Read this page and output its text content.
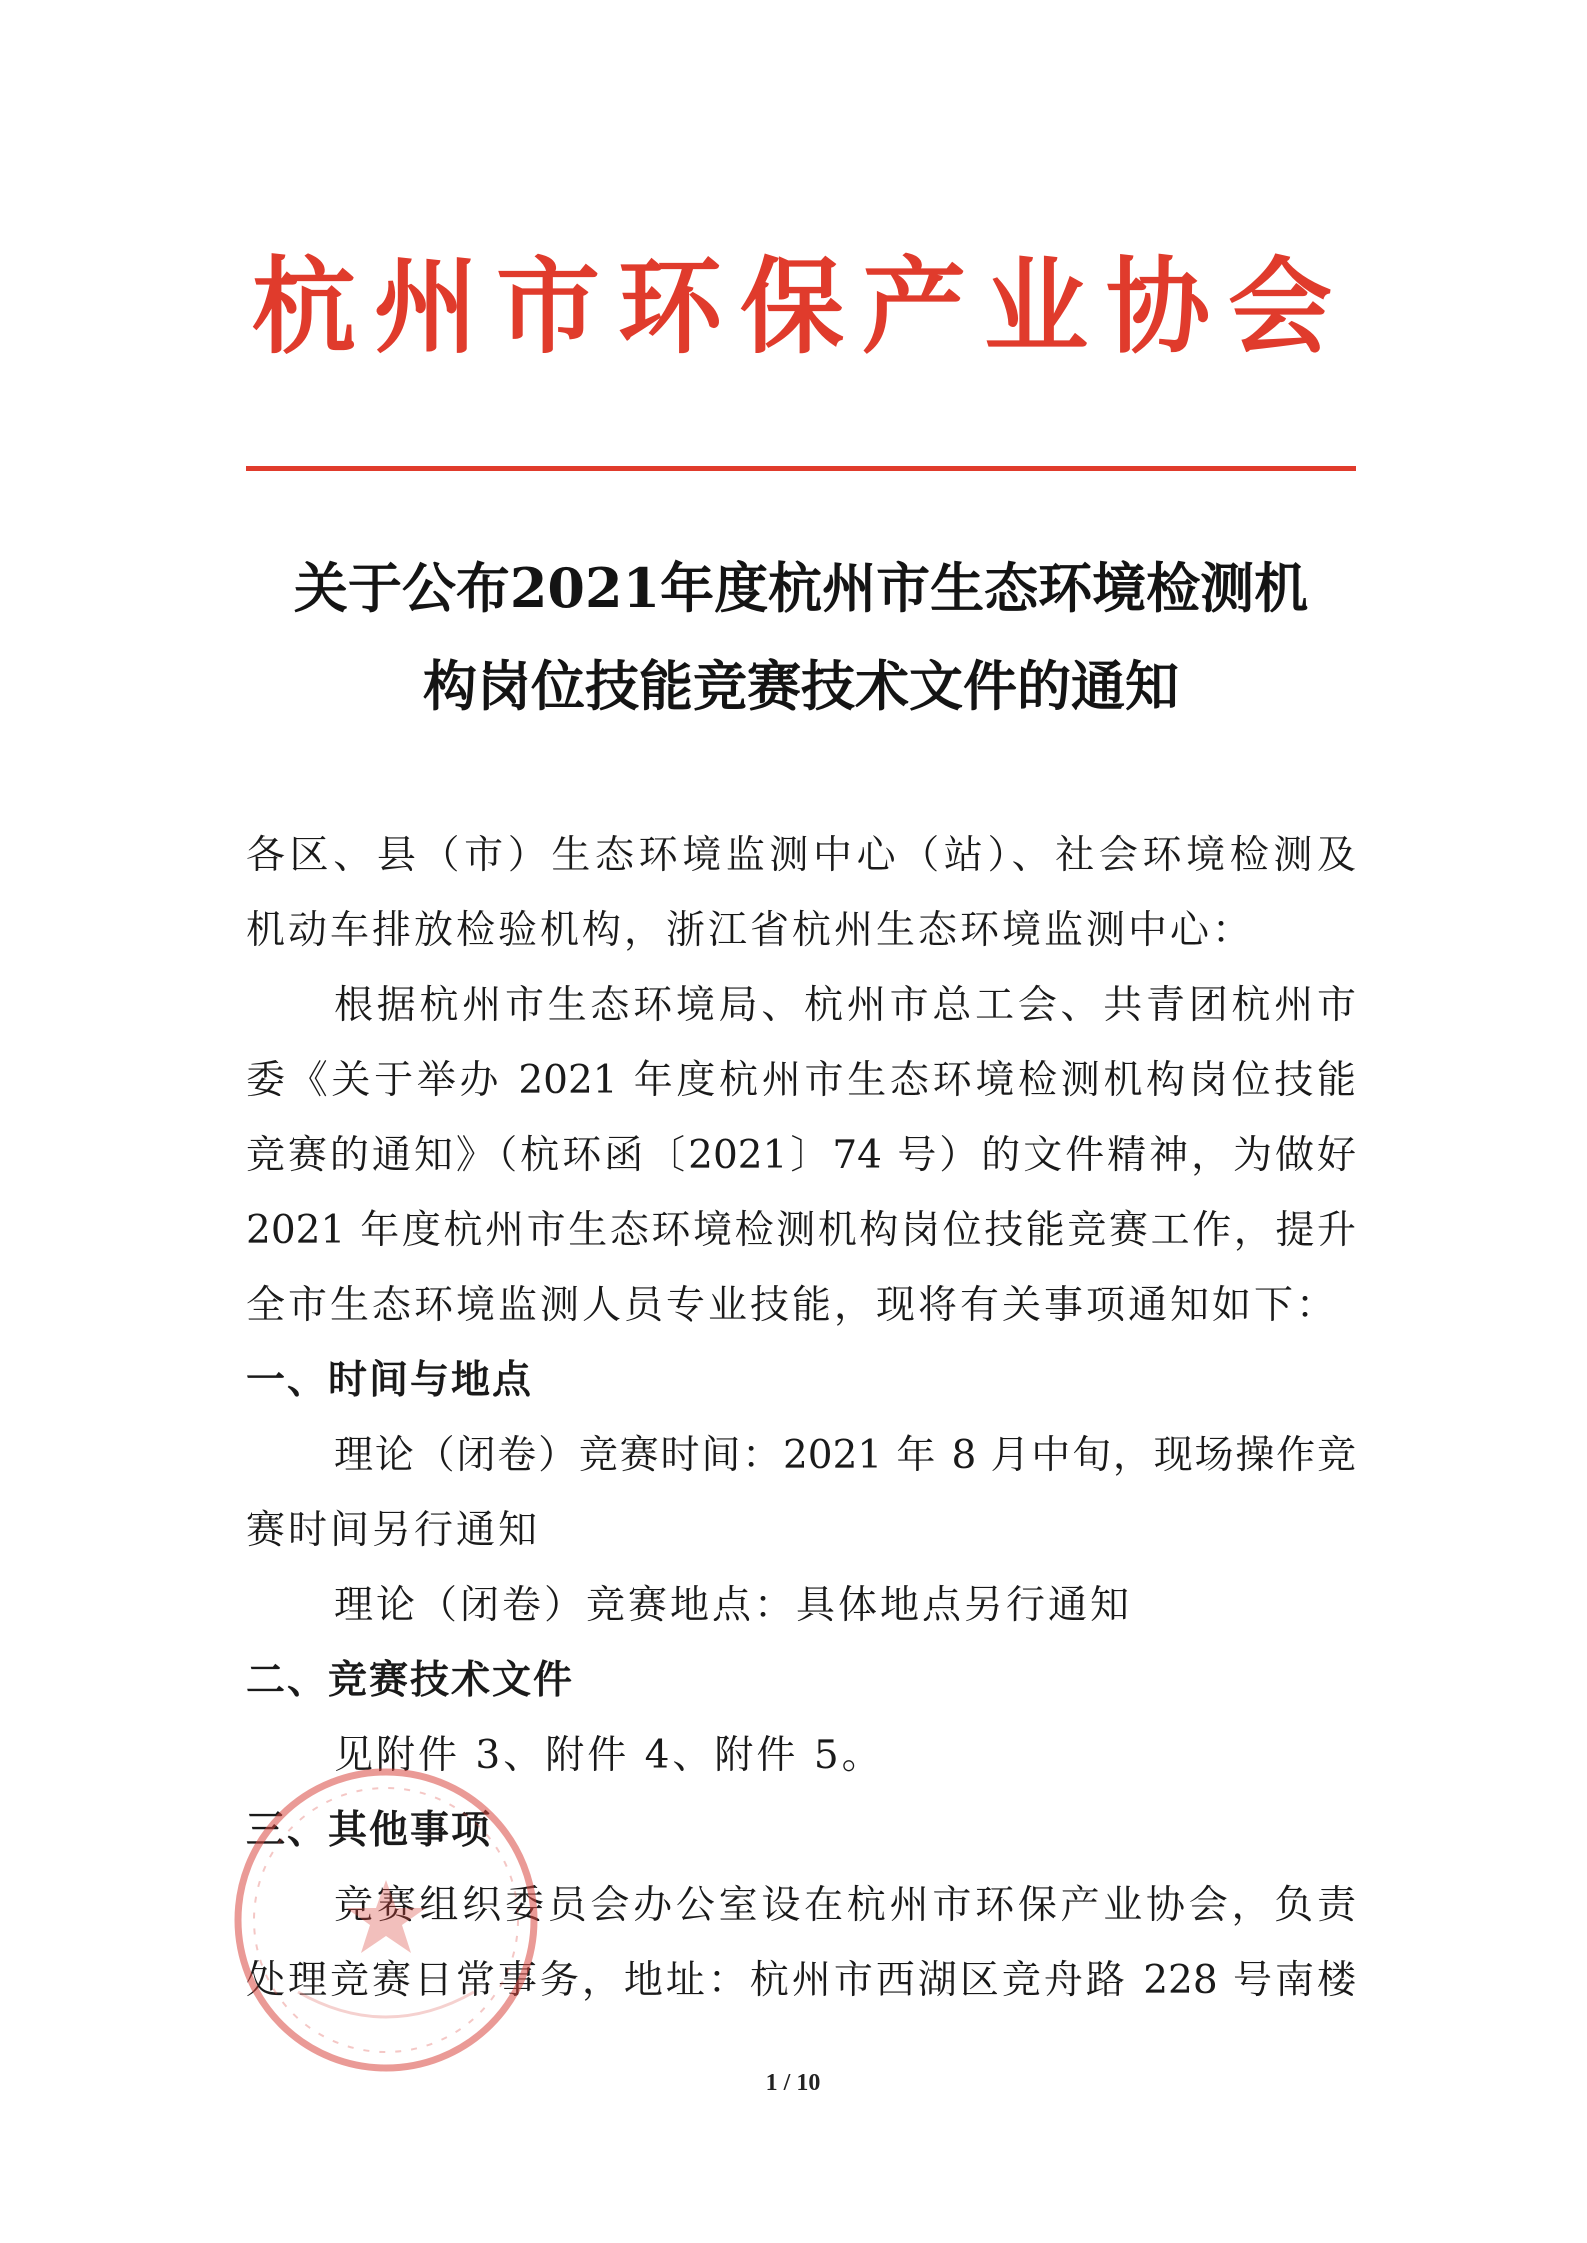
杭州市环保产业协会
关于公布2021年度杭州市生态环境检测机
构岗位技能竞赛技术文件的通知
各区、县（市）生态环境监测中心（站）、社会环境检测及
机动车排放检验机构，浙江省杭州生态环境监测中心：
根据杭州市生态环境局、杭州市总工会、共青团杭州市
委《关于举办 2021 年度杭州市生态环境检测机构岗位技能
竞赛的通知》（杭环函〔2021〕74 号）的文件精神，为做好
2021 年度杭州市生态环境检测机构岗位技能竞赛工作，提升
全市生态环境监测人员专业技能，现将有关事项通知如下：
一、时间与地点
理论（闭卷）竞赛时间：2021 年 8 月中旬，现场操作竞
赛时间另行通知
理论（闭卷）竞赛地点：具体地点另行通知
二、竞赛技术文件
见附件 3、附件 4、附件 5。
三、其他事项
竞赛组织委员会办公室设在杭州市环保产业协会，负责
处理竞赛日常事务，地址：杭州市西湖区竞舟路 228 号南楼
1 / 10
